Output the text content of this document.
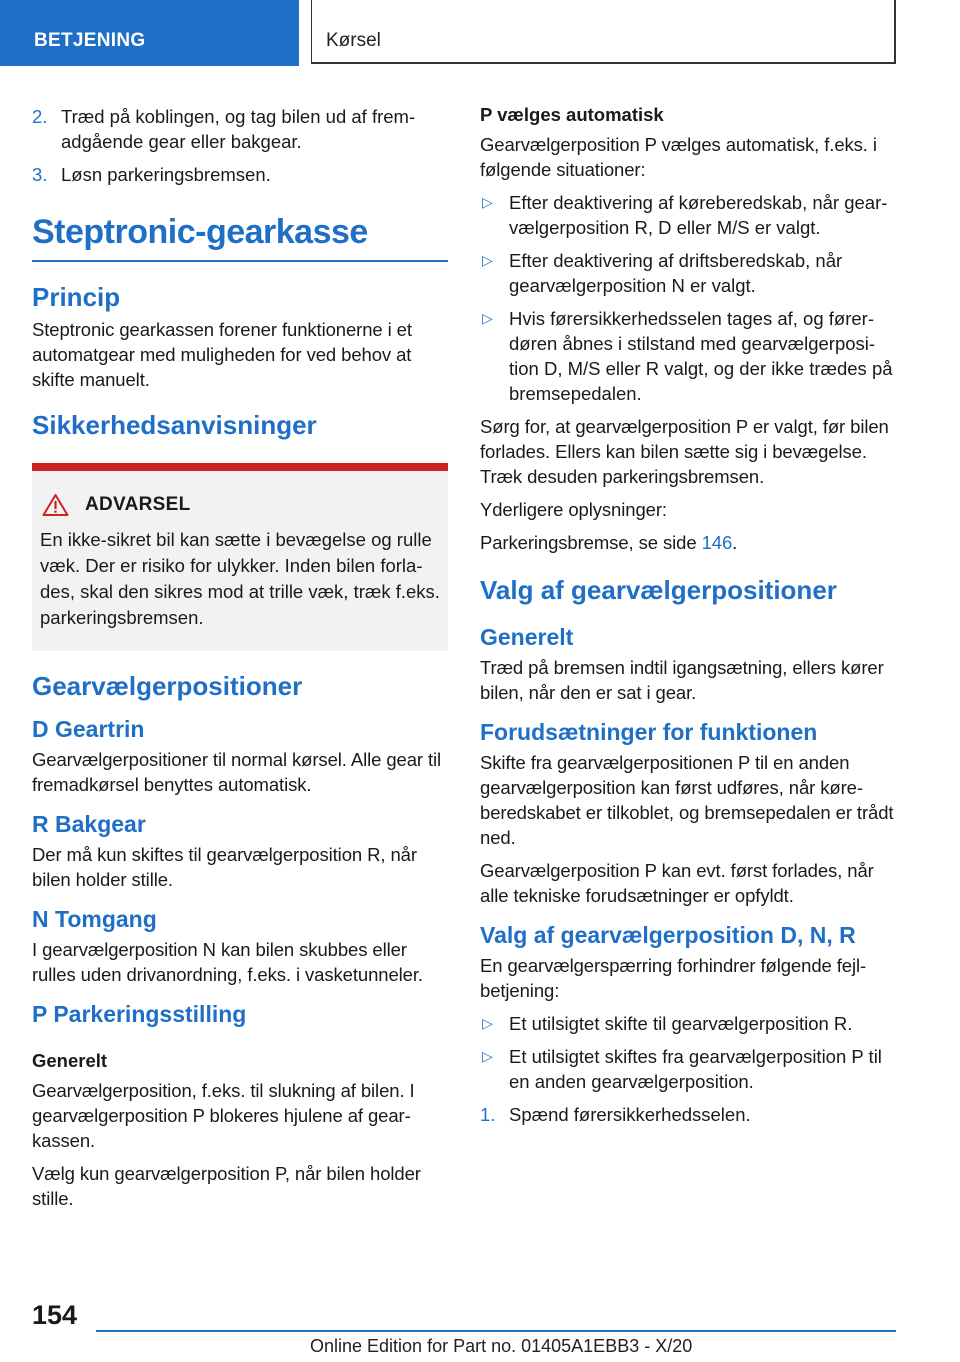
BETJENING	Kørsel
2. Træd på koblingen, og tag bilen ud af fremadgående gear eller bakgear.
3. Løsn parkeringsbremsen.
Steptronic-gearkasse
Princip

Steptronic gearkassen forener funktionerne i et automatgear med muligheden for ved behov at skifte manuelt.

Sikkerhedsanvisninger
ADVARSEL

En ikke-sikret bil kan sætte i bevægelse og rulle væk. Der er risiko for ulykker. Inden bilen forlades, skal den sikres mod at trille væk, træk f.eks. parkeringsbremsen.

Gearvælgerpositioner
D Geartrin

Gearvælgerpositioner til normal kørsel. Alle gear til fremadkørsel benyttes automatisk.

R Bakgear

Der må kun skiftes til gearvælgerposition R, når bilen holder stille.

N Tomgang

I gearvælgerposition N kan bilen skubbes eller rulles uden drivanordning, f.eks. i vasketunneler.

P Parkeringsstilling
Generelt

Gearvælgerposition, f.eks. til slukning af bilen. I gearvælgerposition P blokeres hjulene af gearkassen.

Vælg kun gearvælgerposition P, når bilen holder stille.

P vælges automatisk

Gearvælgerposition P vælges automatisk, f.eks. i følgende situationer:

▷ Efter deaktivering af køreberedskab, når gearvælgerposition R, D eller M/S er valgt.
▷ Efter deaktivering af driftsberedskab, når gearvælgerposition N er valgt.
▷ Hvis førersikkerhedsselen tages af, og førerdøren åbnes i stilstand med gearvælgerposition D, M/S eller R valgt, og der ikke trædes på bremsepedalen.

Sørg for, at gearvælgerposition P er valgt, før bilen forlades. Ellers kan bilen sætte sig i bevægelse. Træk desuden parkeringsbremsen.

Yderligere oplysninger:

Parkeringsbremse, se side 146.

Valg af gearvælgerpositioner
Generelt

Træd på bremsen indtil igangsætning, ellers kører bilen, når den er sat i gear.

Forudsætninger for funktionen

Skifte fra gearvælgerpositionen P til en anden gearvælgerposition kan først udføres, når køreberedskabet er tilkoblet, og bremsepedalen er trådt ned.

Gearvælgerposition P kan evt. først forlades, når alle tekniske forudsætninger er opfyldt.

Valg af gearvælgerposition D, N, R

En gearvælgerspærring forhindrer følgende fejlbetjening:

▷ Et utilsigtet skifte til gearvælgerposition R.
▷ Et utilsigtet skiftes fra gearvælgerposition P til en anden gearvælgerposition.
1. Spænd førersikkerhedsselen.
154
Online Edition for Part no. 01405A1EBB3 - X/20
